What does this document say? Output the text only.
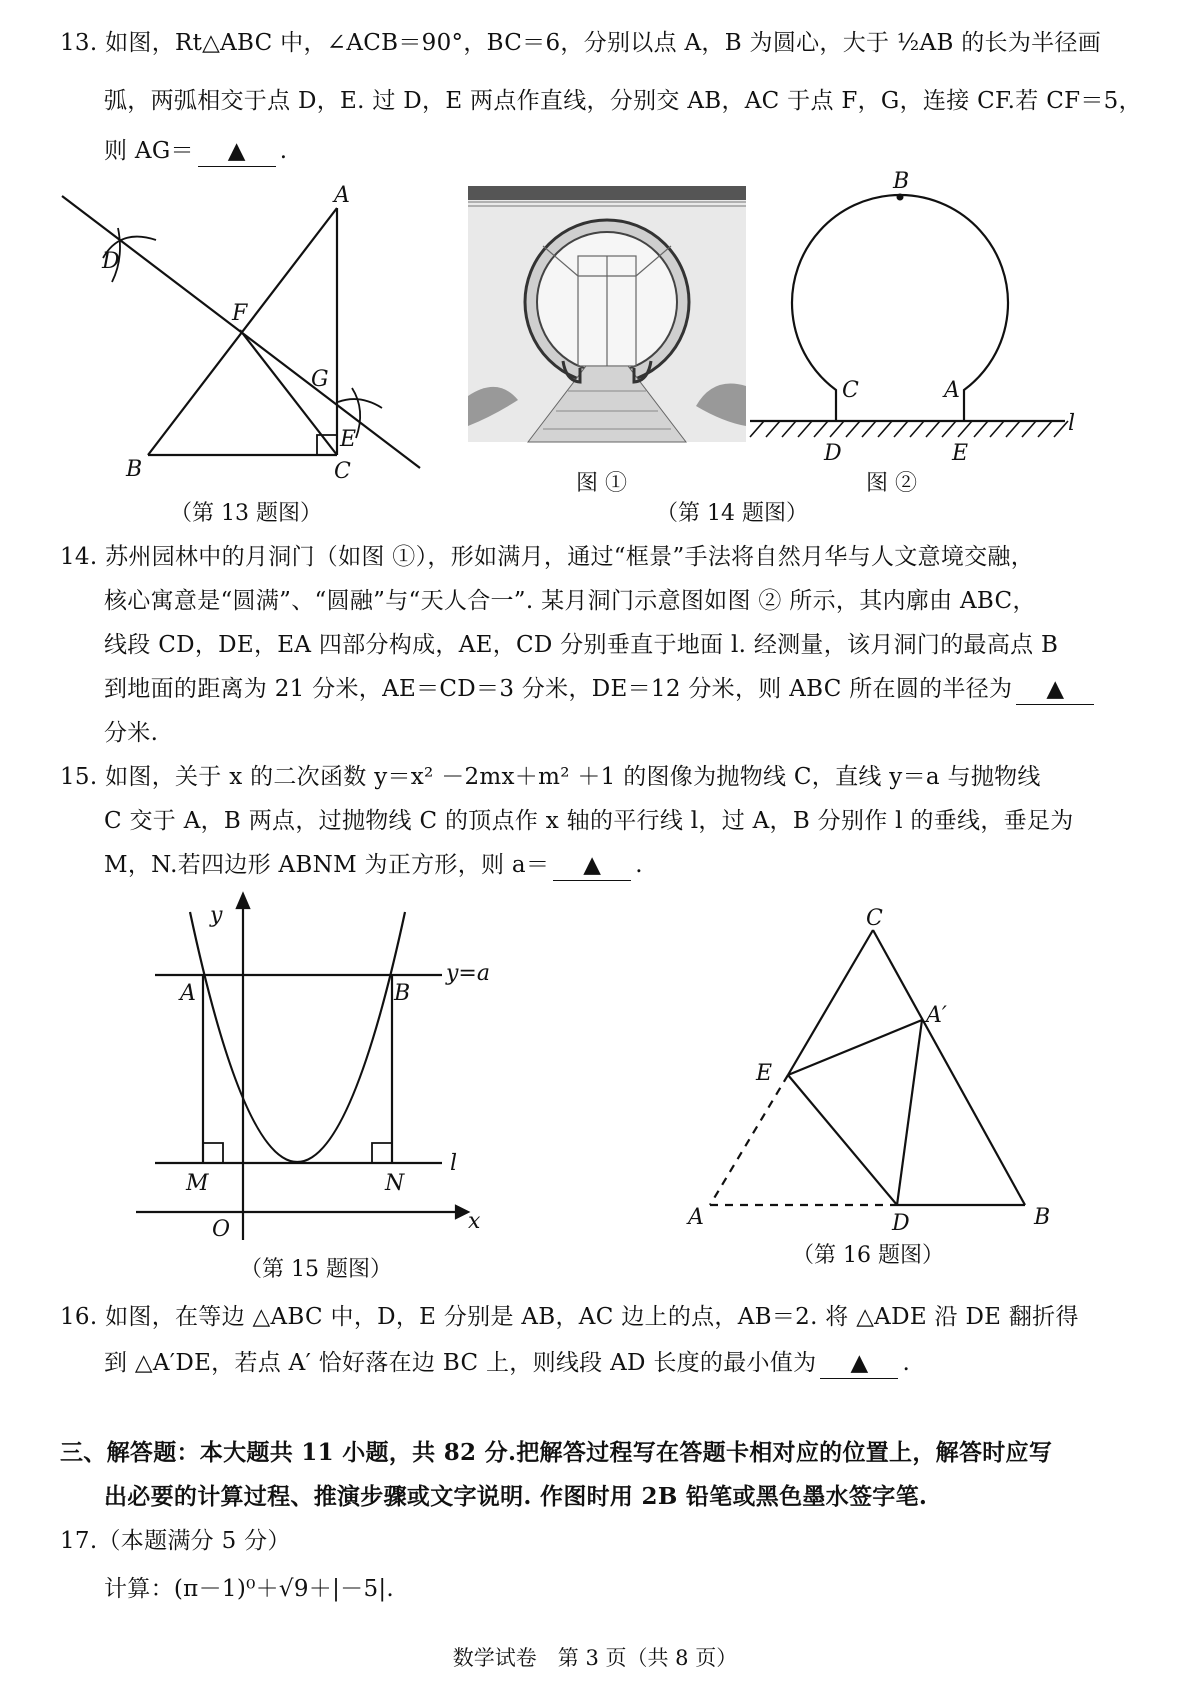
13. 如图，Rt△ABC 中，∠ACB＝90°，BC＝6，分别以点 A，B 为圆心，大于 ½AB 的长为半径画
弧，两弧相交于点 D，E. 过 D，E 两点作直线，分别交 AB，AC 于点 F，G，连接 CF.若 CF＝5，
则 AG＝ ▲ .
A
B	C
D
E
F
G
（第 13 题图）
B
C	A
D	E
l
图 ①	图 ②
（第 14 题图）
14. 苏州园林中的月洞门（如图 ①），形如满月，通过“框景”手法将自然月华与人文意境交融，
核心寓意是“圆满”、“圆融”与“天人合一”. 某月洞门示意图如图 ② 所示，其内廓由 ABC，
线段 CD，DE，EA 四部分构成，AE，CD 分别垂直于地面 l. 经测量，该月洞门的最高点 B
到地面的距离为 21 分米，AE＝CD＝3 分米，DE＝12 分米，则 ABC 所在圆的半径为 ▲
分米.
15. 如图，关于 x 的二次函数 y＝x² －2mx＋m² ＋1 的图像为抛物线 C，直线 y＝a 与抛物线
C 交于 A，B 两点，过抛物线 C 的顶点作 x 轴的平行线 l，过 A，B 分别作 l 的垂线，垂足为
M，N.若四边形 ABNM 为正方形，则 a＝ ▲ .
y
x
O
A	B
M	N
l
y=a
（第 15 题图）
C
A′
E
A	D	B
（第 16 题图）
16. 如图，在等边 △ABC 中，D，E 分别是 AB，AC 边上的点，AB＝2. 将 △ADE 沿 DE 翻折得
到 △A′DE，若点 A′ 恰好落在边 BC 上，则线段 AD 长度的最小值为 ▲ .
三、解答题：本大题共 11 小题，共 82 分.把解答过程写在答题卡相对应的位置上，解答时应写
出必要的计算过程、推演步骤或文字说明. 作图时用 2B 铅笔或黑色墨水签字笔.
17.（本题满分 5 分）
计算：(π－1)⁰＋√9＋|－5|.
数学试卷　第 3 页（共 8 页）
